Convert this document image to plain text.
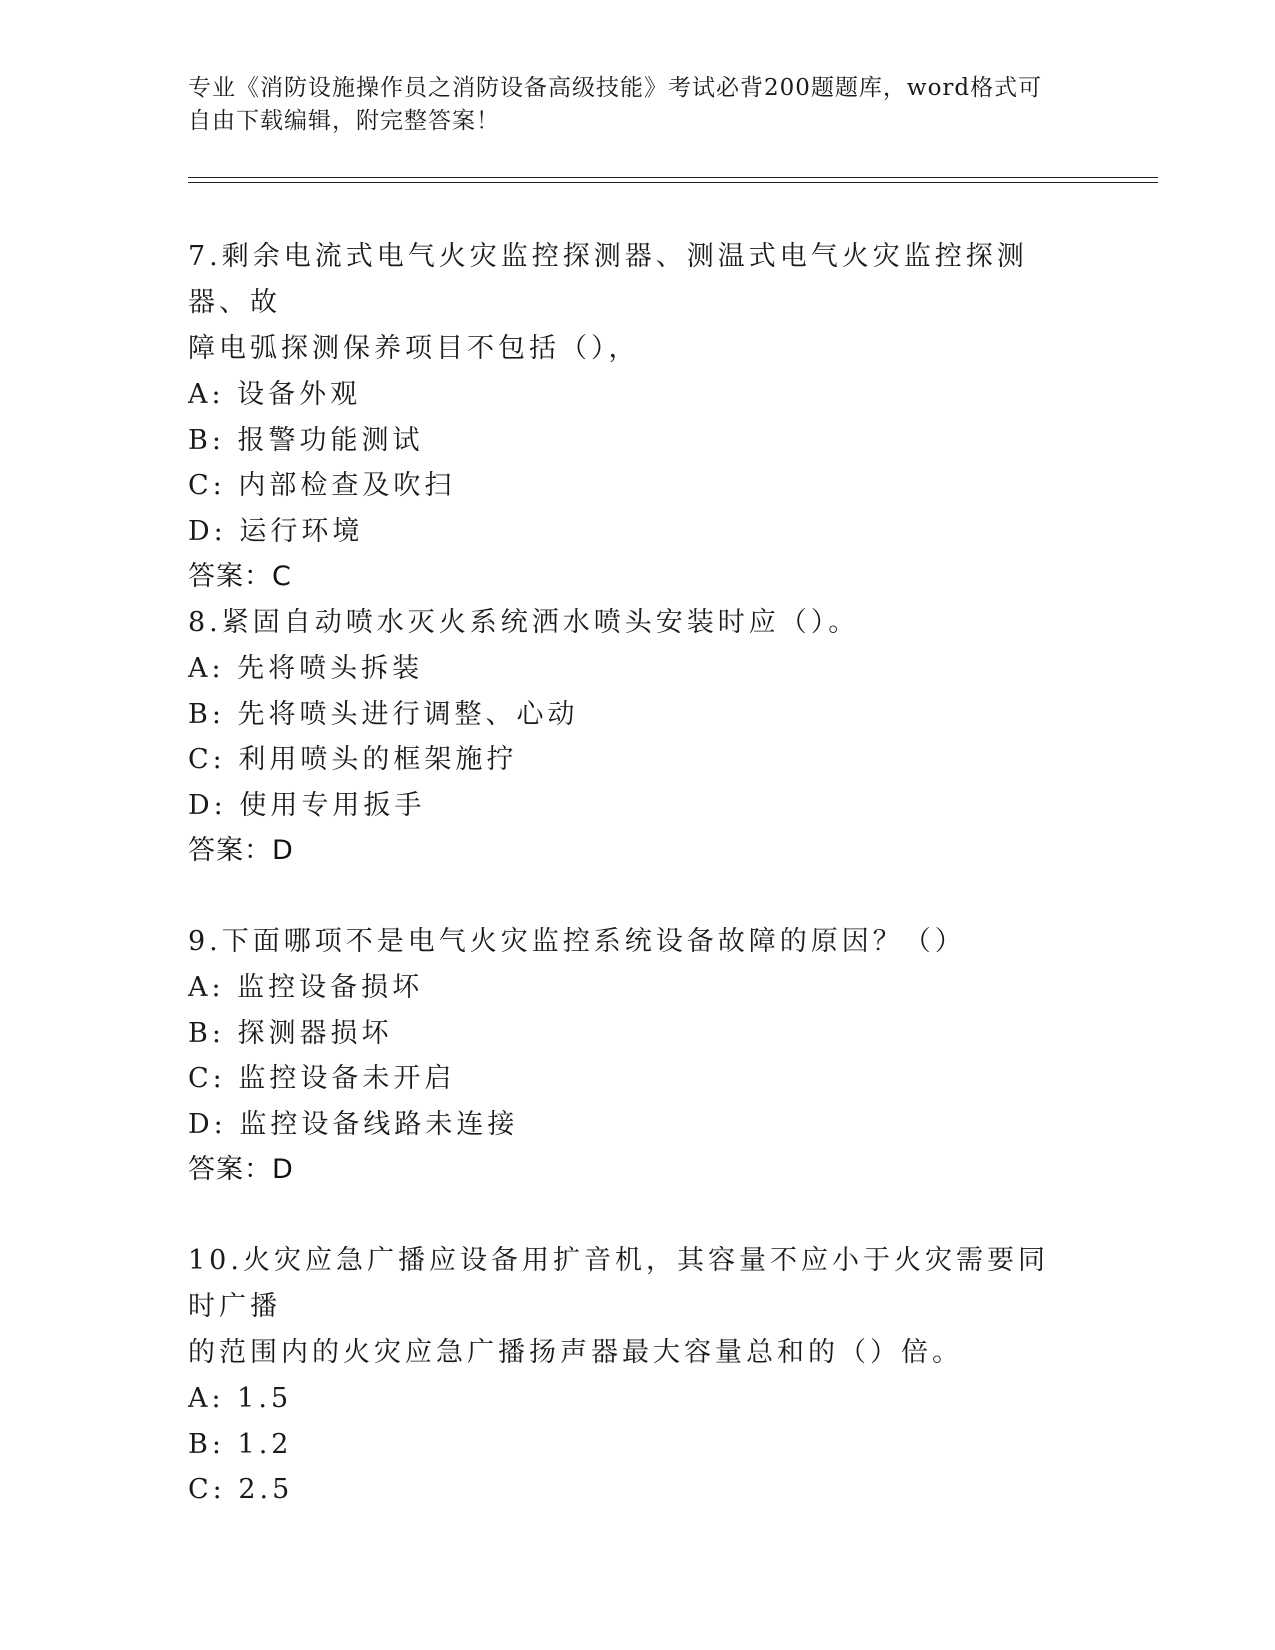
专业《消防设施操作员之消防设备高级技能》考试必背200题题库，word格式可
自由下载编辑，附完整答案！
7.剩余电流式电气火灾监控探测器、测温式电气火灾监控探测器、故
障电弧探测保养项目不包括（），
A: 设备外观
B: 报警功能测试
C: 内部检查及吹扫
D: 运行环境
答案：C
8.紧固自动喷水灭火系统洒水喷头安装时应（）。
A: 先将喷头拆装
B: 先将喷头进行调整、心动
C: 利用喷头的框架施拧
D: 使用专用扳手
答案：D
9.下面哪项不是电气火灾监控系统设备故障的原因？（）
A: 监控设备损坏
B: 探测器损坏
C: 监控设备未开启
D: 监控设备线路未连接
答案：D
10.火灾应急广播应设备用扩音机，其容量不应小于火灾需要同时广播
的范围内的火灾应急广播扬声器最大容量总和的（）倍。
A: 1.5
B: 1.2
C: 2.5
